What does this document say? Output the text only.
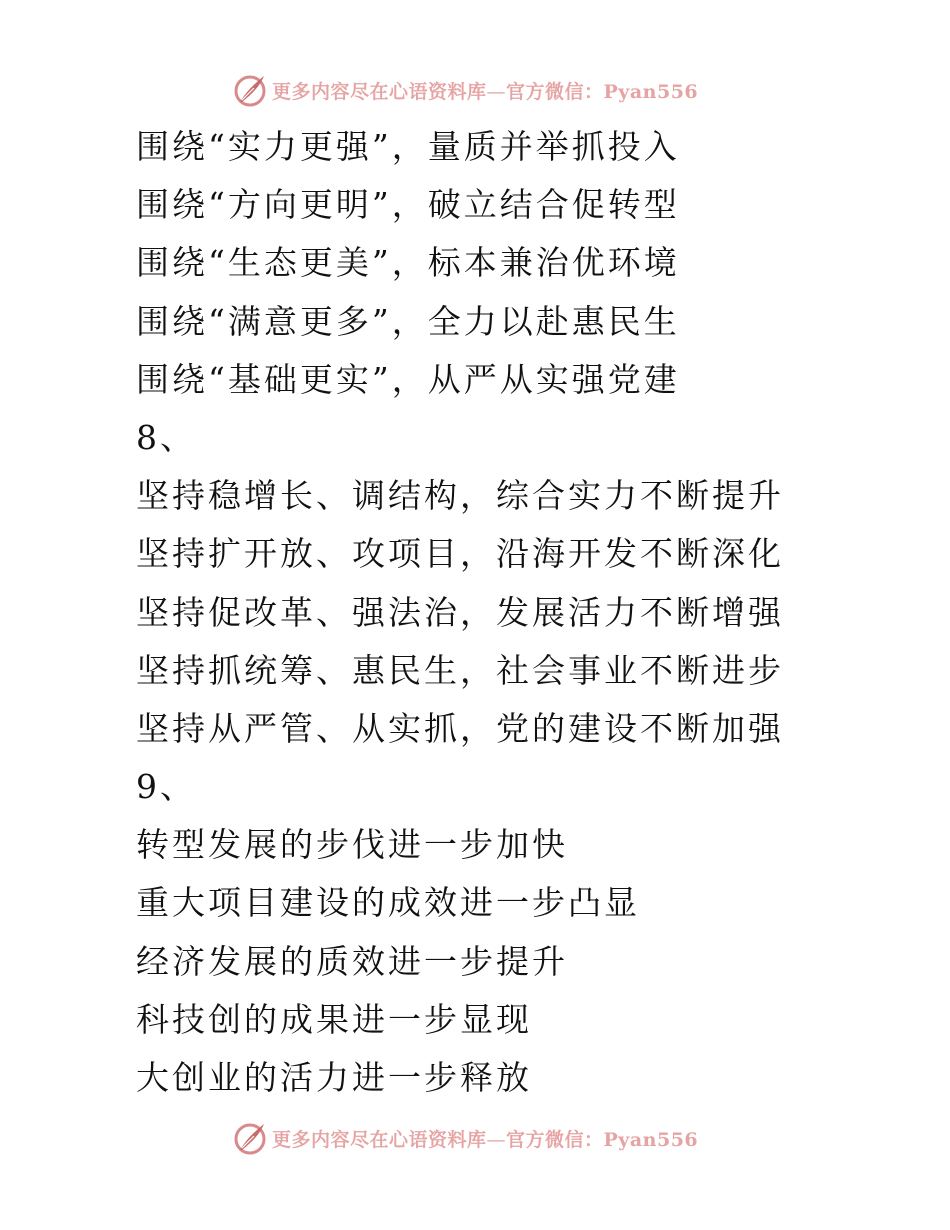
更多内容尽在心语资料库—官方微信：Pyan556
围绕“实力更强”，量质并举抓投入
围绕“方向更明”，破立结合促转型
围绕“生态更美”，标本兼治优环境
围绕“满意更多”，全力以赴惠民生
围绕“基础更实”，从严从实强党建
8、
坚持稳增长、调结构，综合实力不断提升
坚持扩开放、攻项目，沿海开发不断深化
坚持促改革、强法治，发展活力不断增强
坚持抓统筹、惠民生，社会事业不断进步
坚持从严管、从实抓，党的建设不断加强
9、
转型发展的步伐进一步加快
重大项目建设的成效进一步凸显
经济发展的质效进一步提升
科技创的成果进一步显现
大创业的活力进一步释放
更多内容尽在心语资料库—官方微信：Pyan556
